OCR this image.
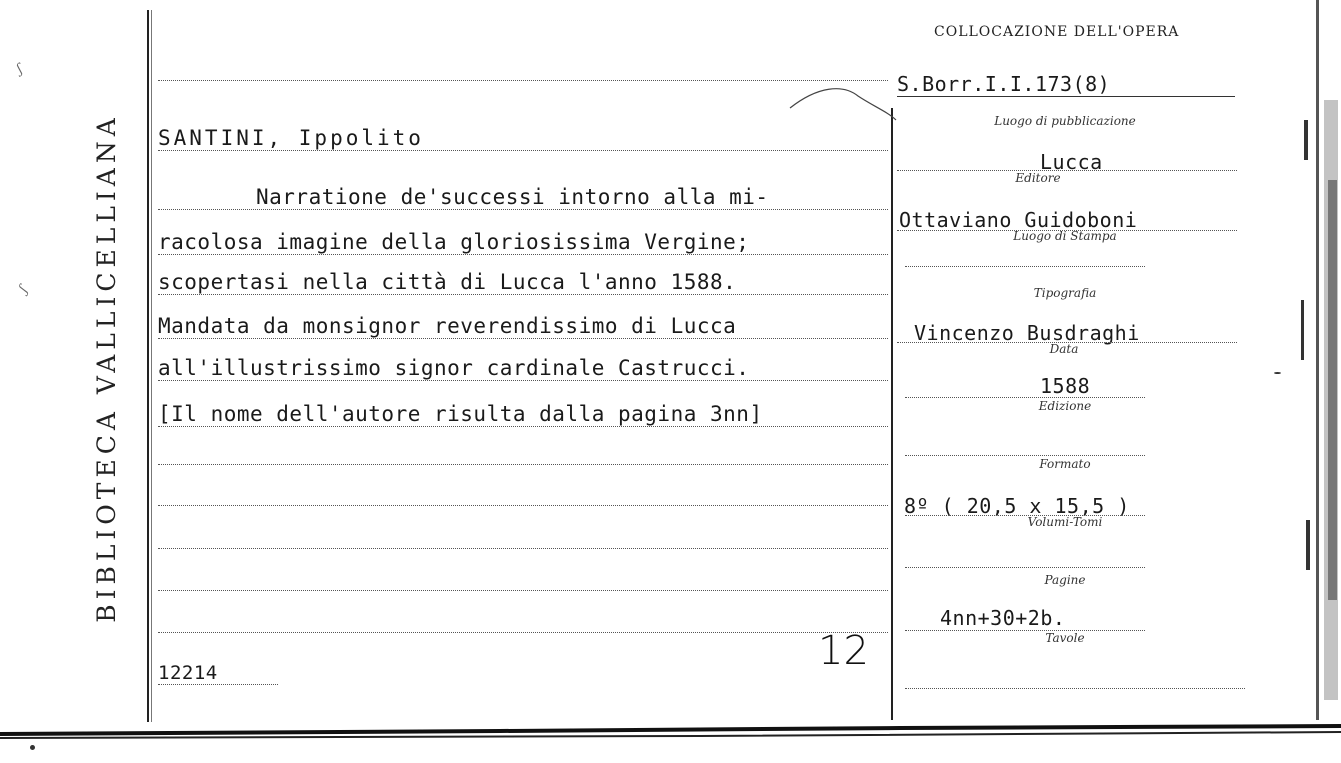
BIBLIOTECA VALLICELLIANA
COLLOCAZIONE DELL'OPERA
S.Borr.I.I.173(8)
SANTINI, Ippolito
Narratione de'successi intorno alla mi-
racolosa imagine della gloriosissima Vergine;
scopertasi nella città di Lucca l'anno 1588.
Mandata da monsignor reverendissimo di Lucca
all'illustrissimo signor cardinale Castrucci.
[Il nome dell'autore risulta dalla pagina 3nn]
12214	12
Luogo di pubblicazione
Lucca
Editore
Ottaviano Guidoboni
Luogo di Stampa
Tipografia
Vincenzo Busdraghi
Data
1588
Edizione
Formato
8º ( 20,5 x 15,5 )
Volumi-Tomi
Pagine
4nn+30+2b.
Tavole
ʃ
ʃ
